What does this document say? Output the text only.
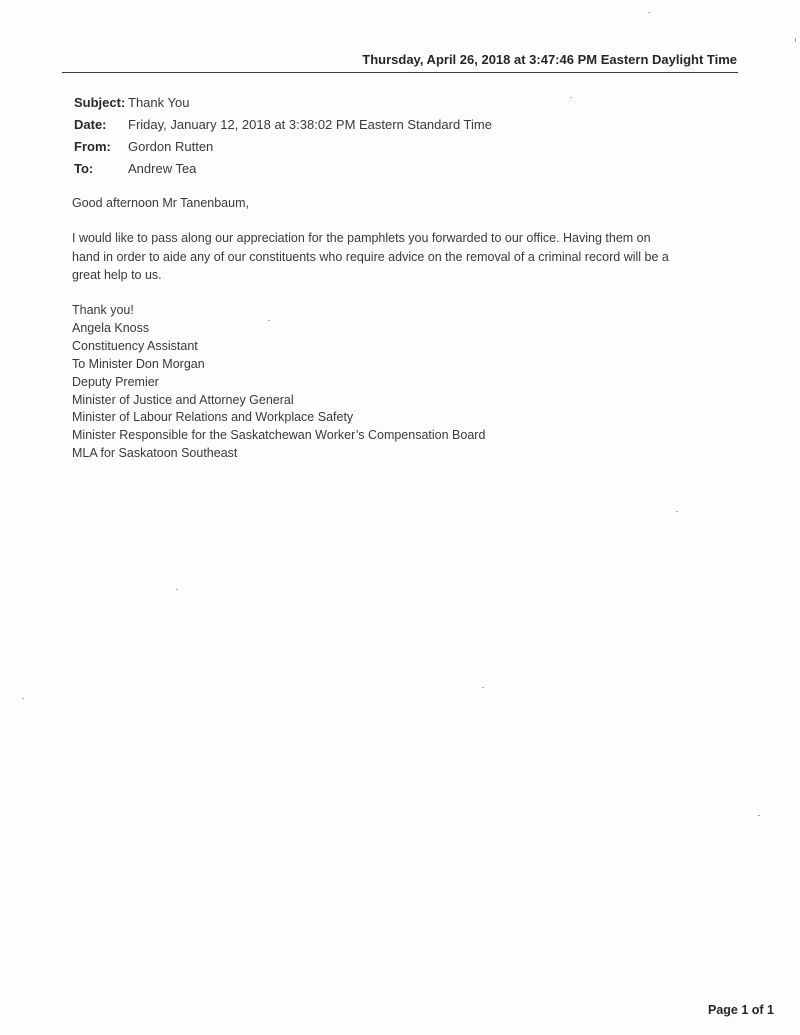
Thursday, April 26, 2018 at 3:47:46 PM Eastern Daylight Time
Subject: Thank You
Date:	Friday, January 12, 2018 at 3:38:02 PM Eastern Standard Time
From:	Gordon Rutten
To:	Andrew Tea
Good afternoon Mr Tanenbaum,
I would like to pass along our appreciation for the pamphlets you forwarded to our office. Having them on
hand in order to aide any of our constituents who require advice on the removal of a criminal record will be a
great help to us.
Thank you!
Angela Knoss
Constituency Assistant
To Minister Don Morgan
Deputy Premier
Minister of Justice and Attorney General
Minister of Labour Relations and Workplace Safety
Minister Responsible for the Saskatchewan Worker’s Compensation Board
MLA for Saskatoon Southeast
Page 1 of 1
